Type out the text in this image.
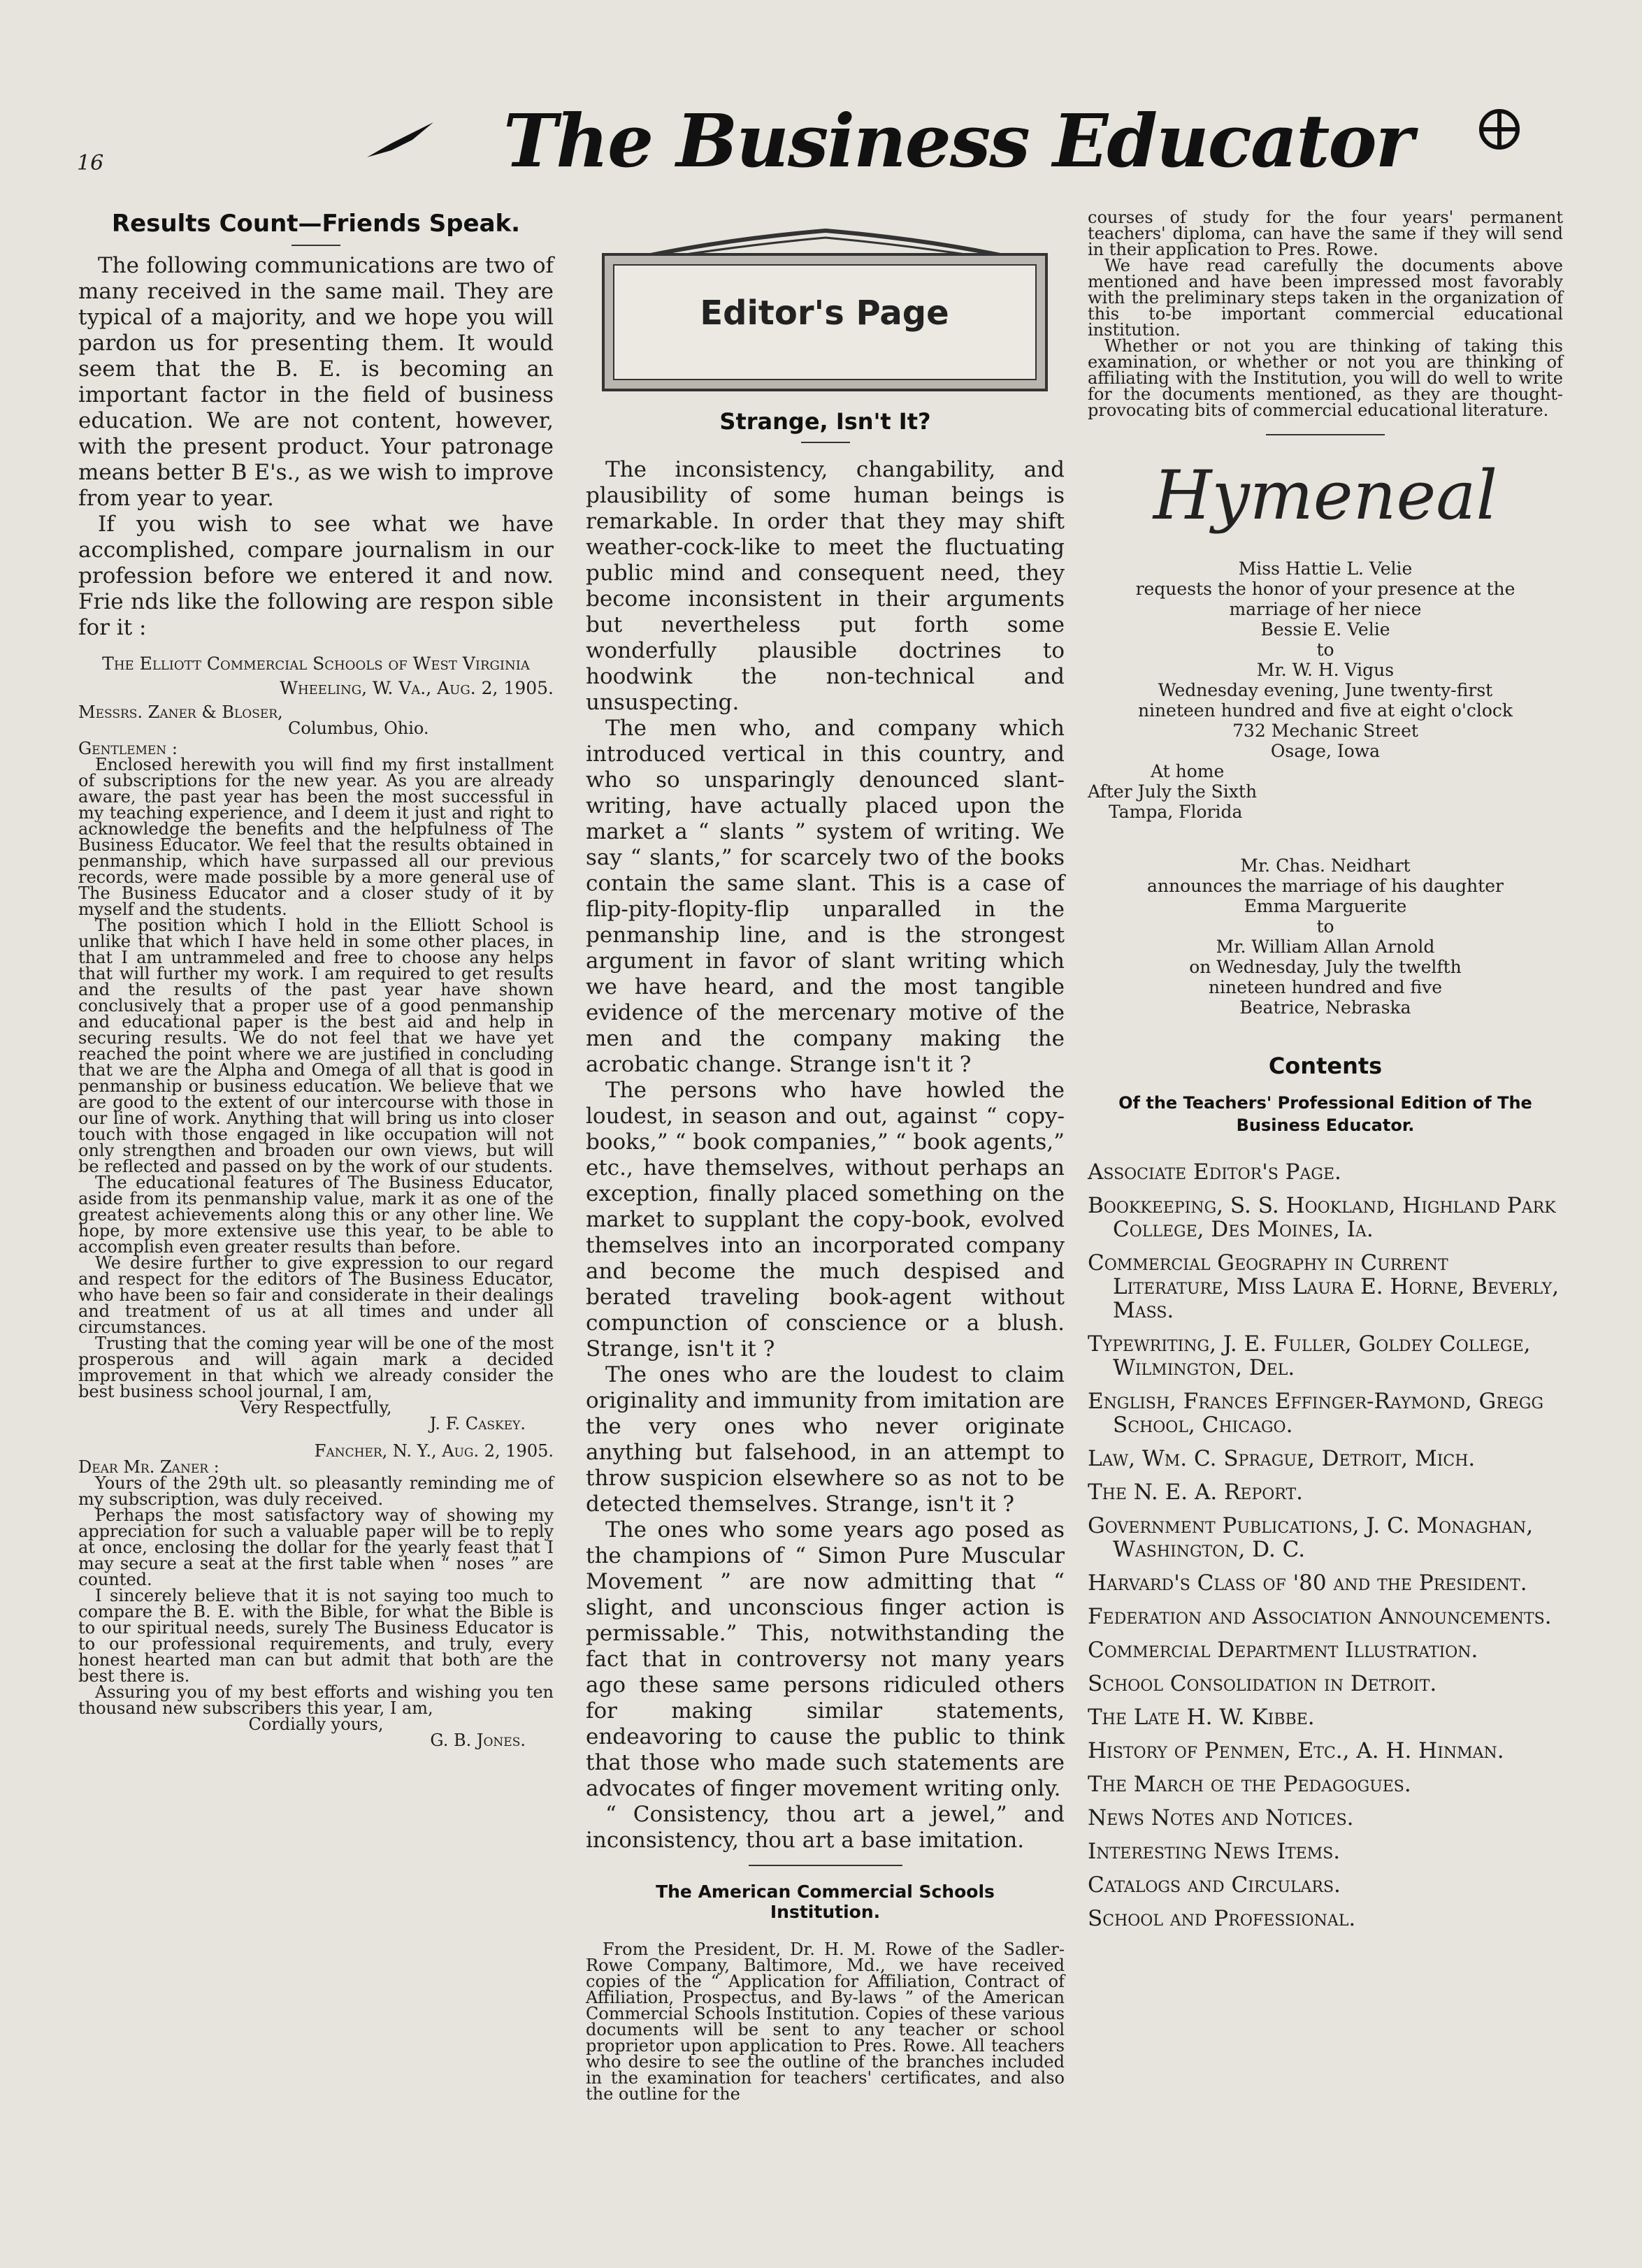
16	The Business Educator
Results Count—Friends Speak.

The following communications are two of many received in the same mail. They are typical of a majority, and we hope you will pardon us for presenting them. It would seem that the B. E. is becoming an important factor in the field of business education. We are not content, however, with the present product. Your patronage means better B E's., as we wish to improve from year to year.

If you wish to see what we have accomplished, compare journalism in our profession before we entered it and now. Frie nds like the following are respon sible for it :

The Elliott Commercial Schools of West Virginia

Wheeling, W. Va., Aug. 2, 1905.

Messrs. Zaner & Bloser,

Columbus, Ohio.

Gentlemen :

Enclosed herewith you will find my first installment of subscriptions for the new year. As you are already aware, the past year has been the most successful in my teaching experience, and I deem it just and right to acknowledge the benefits and the helpfulness of The Business Educator. We feel that the results obtained in penmanship, which have surpassed all our previous records, were made possible by a more general use of The Business Educator and a closer study of it by myself and the students.

The position which I hold in the Elliott School is unlike that which I have held in some other places, in that I am untrammeled and free to choose any helps that will further my work. I am required to get results and the results of the past year have shown conclusively that a proper use of a good penmanship and educational paper is the best aid and help in securing results. We do not feel that we have yet reached the point where we are justified in concluding that we are the Alpha and Omega of all that is good in penmanship or business education. We believe that we are good to the extent of our intercourse with those in our line of work. Anything that will bring us into closer touch with those engaged in like occupation will not only strengthen and broaden our own views, but will be reflected and passed on by the work of our students.

The educational features of The Business Educator, aside from its penmanship value, mark it as one of the greatest achievements along this or any other line. We hope, by more extensive use this year, to be able to accomplish even greater results than before.

We desire further to give expression to our regard and respect for the editors of The Business Educator, who have been so fair and considerate in their dealings and treatment of us at all times and under all circumstances.

Trusting that the coming year will be one of the most prosperous and will again mark a decided improvement in that which we already consider the best business school journal, I am,

Very Respectfully,

J. F. Caskey.

Fancher, N. Y., Aug. 2, 1905.

Dear Mr. Zaner :

Yours of the 29th ult. so pleasantly reminding me of my subscription, was duly received.

Perhaps the most satisfactory way of showing my appreciation for such a valuable paper will be to reply at once, enclosing the dollar for the yearly feast that I may secure a seat at the first table when “ noses ” are counted.

I sincerely believe that it is not saying too much to compare the B. E. with the Bible, for what the Bible is to our spiritual needs, surely The Business Educator is to our professional requirements, and truly, every honest hearted man can but admit that both are the best there is.

Assuring you of my best efforts and wishing you ten thousand new subscribers this year, I am,

Cordially yours,

G. B. Jones.

Editor's Page
Strange, Isn't It?

The inconsistency, changability, and plausibility of some human beings is remarkable. In order that they may shift weather-cock-like to meet the fluctuating public mind and consequent need, they become inconsistent in their arguments but nevertheless put forth some wonderfully plausible doctrines to hoodwink the non-technical and unsuspecting.

The men who, and company which introduced vertical in this country, and who so unsparingly denounced slant-writing, have actually placed upon the market a “ slants ” system of writing. We say “ slants,” for scarcely two of the books contain the same slant. This is a case of flip-pity-flopity-flip unparalled in the penmanship line, and is the strongest argument in favor of slant writing which we have heard, and the most tangible evidence of the mercenary motive of the men and the company making the acrobatic change. Strange isn't it ?

The persons who have howled the loudest, in season and out, against “ copy-books,” “ book companies,” “ book agents,” etc., have themselves, without perhaps an exception, finally placed something on the market to supplant the copy-book, evolved themselves into an incorporated company and become the much despised and berated traveling book-agent without compunction of conscience or a blush. Strange, isn't it ?

The ones who are the loudest to claim originality and immunity from imitation are the very ones who never originate anything but falsehood, in an attempt to throw suspicion elsewhere so as not to be detected themselves. Strange, isn't it ?

The ones who some years ago posed as the champions of “ Simon Pure Muscular Movement ” are now admitting that “ slight, and unconscious finger action is permissable.” This, notwithstanding the fact that in controversy not many years ago these same persons ridiculed others for making similar statements, endeavoring to cause the public to think that those who made such statements are advocates of finger movement writing only.

“ Consistency, thou art a jewel,” and inconsistency, thou art a base imitation.

The American Commercial Schools Institution.

From the President, Dr. H. M. Rowe of the Sadler-Rowe Company, Baltimore, Md., we have received copies of the “ Application for Affiliation, Contract of Affiliation, Prospectus, and By-laws ” of the American Commercial Schools Institution. Copies of these various documents will be sent to any teacher or school proprietor upon application to Pres. Rowe. All teachers who desire to see the outline of the branches included in the examination for teachers' certificates, and also the outline for the

courses of study for the four years' permanent teachers' diploma, can have the same if they will send in their application to Pres. Rowe.

We have read carefully the documents above mentioned and have been impressed most favorably with the preliminary steps taken in the organization of this to-be important commercial educational institution.

Whether or not you are thinking of taking this examination, or whether or not you are thinking of affiliating with the Institution, you will do well to write for the documents mentioned, as they are thought-provocating bits of commercial educational literature.

Hymeneal

Miss Hattie L. Velie

requests the honor of your presence at the

marriage of her niece

Bessie E. Velie

to

Mr. W. H. Vigus

Wednesday evening, June twenty-first

nineteen hundred and five at eight o'clock

732 Mechanic Street

Osage, Iowa

At home

After July the Sixth

Tampa, Florida

Mr. Chas. Neidhart

announces the marriage of his daughter

Emma Marguerite

to

Mr. William Allan Arnold

on Wednesday, July the twelfth

nineteen hundred and five

Beatrice, Nebraska

Contents
Of the Teachers' Professional Edition of The Business Educator.
Associate Editor's Page.
Bookkeeping, S. S. Hookland, Highland Park College, Des Moines, Ia.
Commercial Geography in Current Literature, Miss Laura E. Horne, Beverly, Mass.
Typewriting, J. E. Fuller, Goldey College, Wilmington, Del.
English, Frances Effinger-Raymond, Gregg School, Chicago.
Law, Wm. C. Sprague, Detroit, Mich.
The N. E. A. Report.
Government Publications, J. C. Monaghan, Washington, D. C.
Harvard's Class of '80 and the President.
Federation and Association Announcements.
Commercial Department Illustration.
School Consolidation in Detroit.
The Late H. W. Kibbe.
History of Penmen, Etc., A. H. Hinman.
The March oe the Pedagogues.
News Notes and Notices.
Interesting News Items.
Catalogs and Circulars.
School and Professional.
